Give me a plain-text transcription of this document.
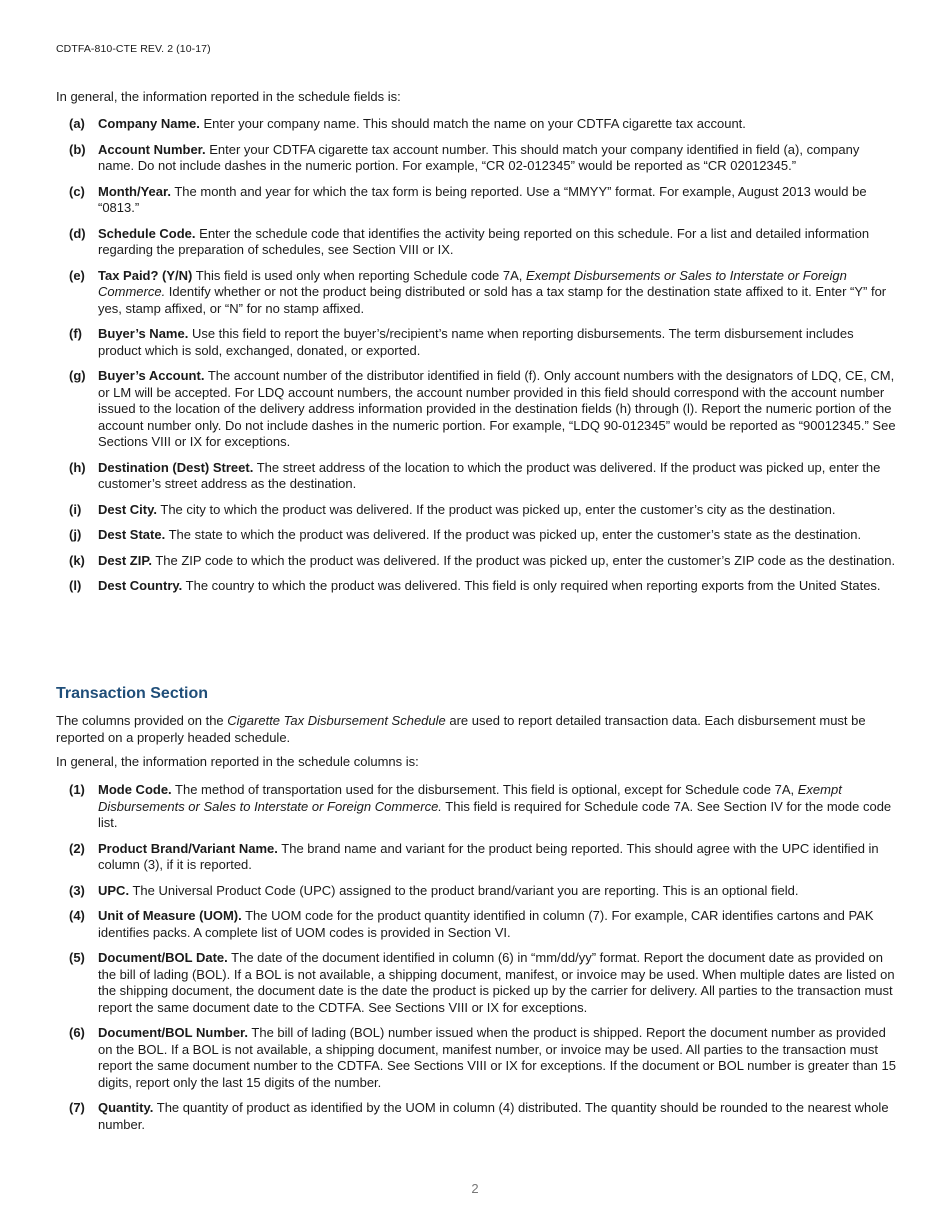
CDTFA-810-CTE REV. 2 (10-17)
In general, the information reported in the schedule fields is:
(a) Company Name. Enter your company name. This should match the name on your CDTFA cigarette tax account.
(b) Account Number. Enter your CDTFA cigarette tax account number. This should match your company identified in field (a), company name. Do not include dashes in the numeric portion. For example, “CR 02-012345” would be reported as “CR 02012345.”
(c) Month/Year. The month and year for which the tax form is being reported. Use a “MMYY” format. For example, August 2013 would be “0813.”
(d) Schedule Code. Enter the schedule code that identifies the activity being reported on this schedule. For a list and detailed information regarding the preparation of schedules, see Section VIII or IX.
(e) Tax Paid? (Y/N) This field is used only when reporting Schedule code 7A, Exempt Disbursements or Sales to Interstate or Foreign Commerce. Identify whether or not the product being distributed or sold has a tax stamp for the destination state affixed to it. Enter “Y” for yes, stamp affixed, or “N” for no stamp affixed.
(f) Buyer’s Name. Use this field to report the buyer’s/recipient’s name when reporting disbursements. The term disbursement includes product which is sold, exchanged, donated, or exported.
(g) Buyer’s Account. The account number of the distributor identified in field (f). Only account numbers with the designators of LDQ, CE, CM, or LM will be accepted. For LDQ account numbers, the account number provided in this field should correspond with the account number issued to the location of the delivery address information provided in the destination fields (h) through (l). Report the numeric portion of the account number only. Do not include dashes in the numeric portion. For example, “LDQ 90-012345” would be reported as “90012345.” See Sections VIII or IX for exceptions.
(h) Destination (Dest) Street. The street address of the location to which the product was delivered. If the product was picked up, enter the customer’s street address as the destination.
(i) Dest City. The city to which the product was delivered. If the product was picked up, enter the customer’s city as the destination.
(j) Dest State. The state to which the product was delivered. If the product was picked up, enter the customer’s state as the destination.
(k) Dest ZIP. The ZIP code to which the product was delivered. If the product was picked up, enter the customer’s ZIP code as the destination.
(l) Dest Country. The country to which the product was delivered. This field is only required when reporting exports from the United States.
Transaction Section
The columns provided on the Cigarette Tax Disbursement Schedule are used to report detailed transaction data. Each disbursement must be reported on a properly headed schedule.
In general, the information reported in the schedule columns is:
(1) Mode Code. The method of transportation used for the disbursement. This field is optional, except for Schedule code 7A, Exempt Disbursements or Sales to Interstate or Foreign Commerce. This field is required for Schedule code 7A. See Section IV for the mode code list.
(2) Product Brand/Variant Name. The brand name and variant for the product being reported. This should agree with the UPC identified in column (3), if it is reported.
(3) UPC. The Universal Product Code (UPC) assigned to the product brand/variant you are reporting. This is an optional field.
(4) Unit of Measure (UOM). The UOM code for the product quantity identified in column (7). For example, CAR identifies cartons and PAK identifies packs. A complete list of UOM codes is provided in Section VI.
(5) Document/BOL Date. The date of the document identified in column (6) in “mm/dd/yy” format. Report the document date as provided on the bill of lading (BOL). If a BOL is not available, a shipping document, manifest, or invoice may be used. When multiple dates are listed on the shipping document, the document date is the date the product is picked up by the carrier for delivery. All parties to the transaction must report the same document date to the CDTFA. See Sections VIII or IX for exceptions.
(6) Document/BOL Number. The bill of lading (BOL) number issued when the product is shipped. Report the document number as provided on the BOL. If a BOL is not available, a shipping document, manifest number, or invoice may be used. All parties to the transaction must report the same document number to the CDTFA. See Sections VIII or IX for exceptions. If the document or BOL number is greater than 15 digits, report only the last 15 digits of the number.
(7) Quantity. The quantity of product as identified by the UOM in column (4) distributed. The quantity should be rounded to the nearest whole number.
2
